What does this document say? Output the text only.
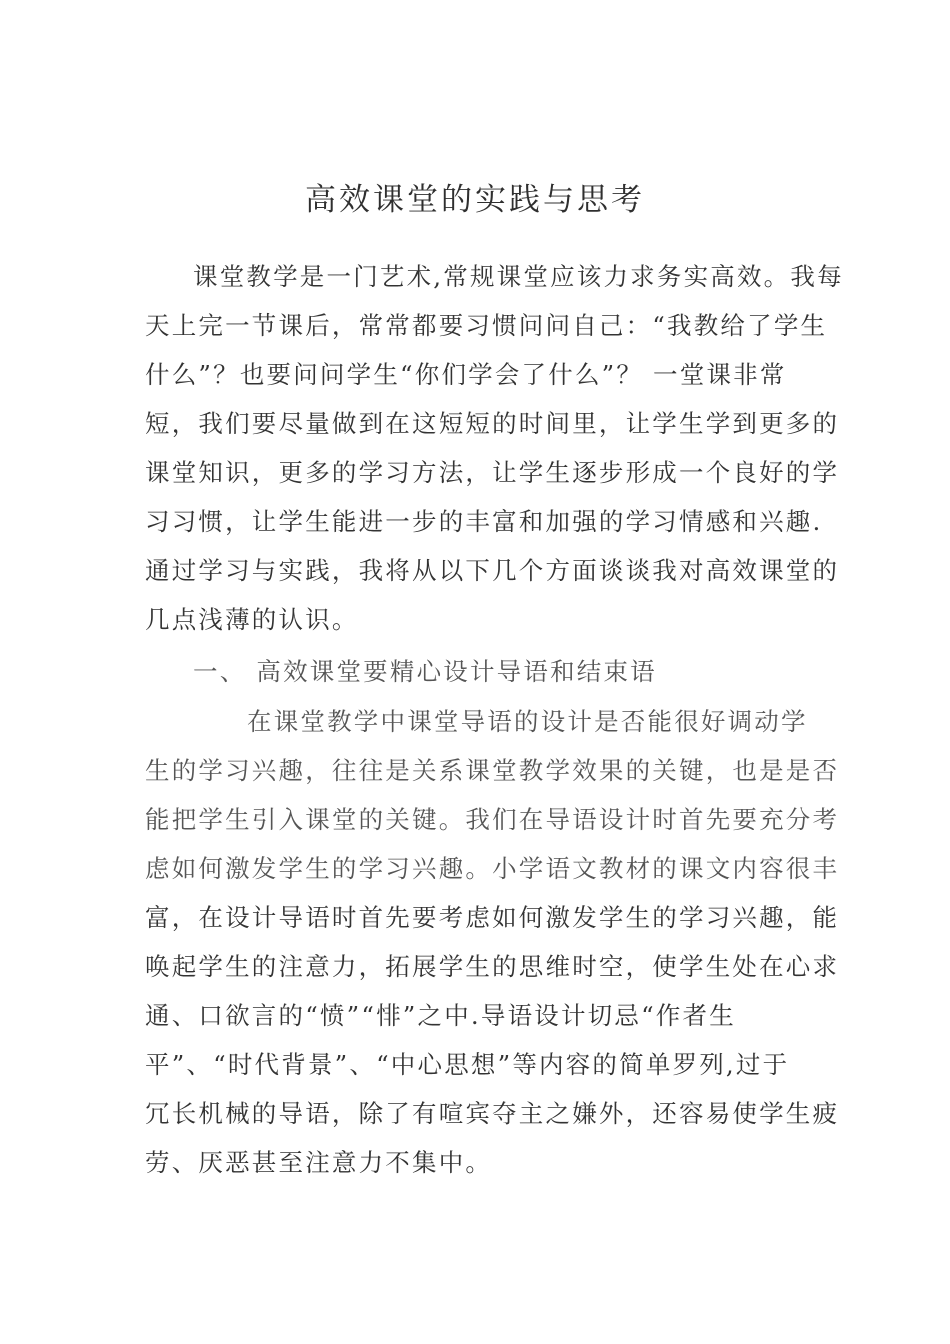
高效课堂的实践与思考
课堂教学是一门艺术,常规课堂应该力求务实高效。我每
天上完一节课后，常常都要习惯问问自己：“我教给了学生
什么”？也要问问学生“你们学会了什么”？ 一堂课非常
短，我们要尽量做到在这短短的时间里，让学生学到更多的
课堂知识，更多的学习方法，让学生逐步形成一个良好的学
习习惯，让学生能进一步的丰富和加强的学习情感和兴趣.
通过学习与实践，我将从以下几个方面谈谈我对高效课堂的
几点浅薄的认识。
一、 高效课堂要精心设计导语和结束语
在课堂教学中课堂导语的设计是否能很好调动学
生的学习兴趣，往往是关系课堂教学效果的关键，也是是否
能把学生引入课堂的关键。我们在导语设计时首先要充分考
虑如何激发学生的学习兴趣。小学语文教材的课文内容很丰
富，在设计导语时首先要考虑如何激发学生的学习兴趣，能
唤起学生的注意力，拓展学生的思维时空，使学生处在心求
通、口欲言的“愤”“悱”之中.导语设计切忌“作者生
平”、“时代背景”、“中心思想”等内容的简单罗列,过于
冗长机械的导语，除了有喧宾夺主之嫌外，还容易使学生疲
劳、厌恶甚至注意力不集中。
